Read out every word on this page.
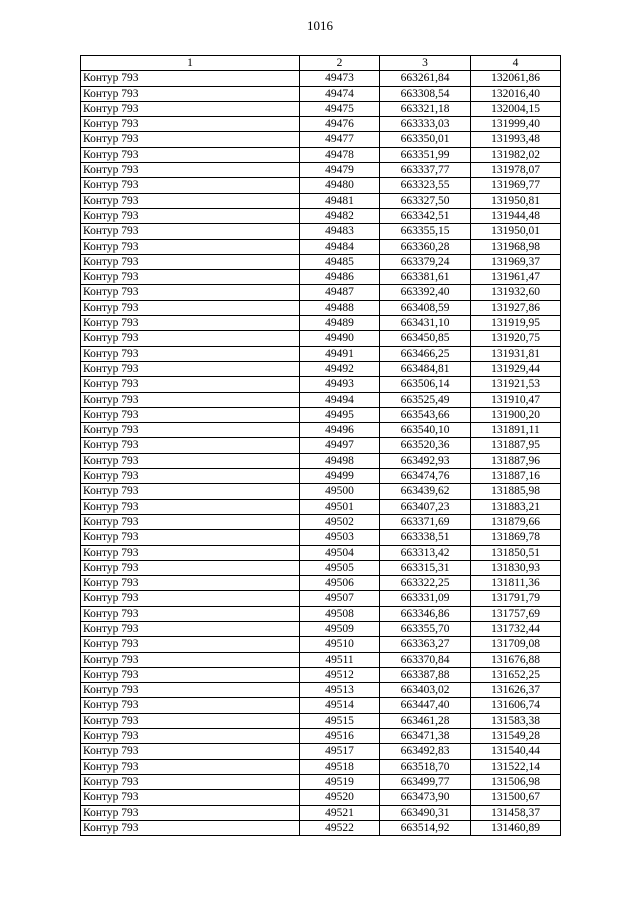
1016
1	2	3	4
Контур 793	49473	663261,84	132061,86
Контур 793	49474	663308,54	132016,40
Контур 793	49475	663321,18	132004,15
Контур 793	49476	663333,03	131999,40
Контур 793	49477	663350,01	131993,48
Контур 793	49478	663351,99	131982,02
Контур 793	49479	663337,77	131978,07
Контур 793	49480	663323,55	131969,77
Контур 793	49481	663327,50	131950,81
Контур 793	49482	663342,51	131944,48
Контур 793	49483	663355,15	131950,01
Контур 793	49484	663360,28	131968,98
Контур 793	49485	663379,24	131969,37
Контур 793	49486	663381,61	131961,47
Контур 793	49487	663392,40	131932,60
Контур 793	49488	663408,59	131927,86
Контур 793	49489	663431,10	131919,95
Контур 793	49490	663450,85	131920,75
Контур 793	49491	663466,25	131931,81
Контур 793	49492	663484,81	131929,44
Контур 793	49493	663506,14	131921,53
Контур 793	49494	663525,49	131910,47
Контур 793	49495	663543,66	131900,20
Контур 793	49496	663540,10	131891,11
Контур 793	49497	663520,36	131887,95
Контур 793	49498	663492,93	131887,96
Контур 793	49499	663474,76	131887,16
Контур 793	49500	663439,62	131885,98
Контур 793	49501	663407,23	131883,21
Контур 793	49502	663371,69	131879,66
Контур 793	49503	663338,51	131869,78
Контур 793	49504	663313,42	131850,51
Контур 793	49505	663315,31	131830,93
Контур 793	49506	663322,25	131811,36
Контур 793	49507	663331,09	131791,79
Контур 793	49508	663346,86	131757,69
Контур 793	49509	663355,70	131732,44
Контур 793	49510	663363,27	131709,08
Контур 793	49511	663370,84	131676,88
Контур 793	49512	663387,88	131652,25
Контур 793	49513	663403,02	131626,37
Контур 793	49514	663447,40	131606,74
Контур 793	49515	663461,28	131583,38
Контур 793	49516	663471,38	131549,28
Контур 793	49517	663492,83	131540,44
Контур 793	49518	663518,70	131522,14
Контур 793	49519	663499,77	131506,98
Контур 793	49520	663473,90	131500,67
Контур 793	49521	663490,31	131458,37
Контур 793	49522	663514,92	131460,89
